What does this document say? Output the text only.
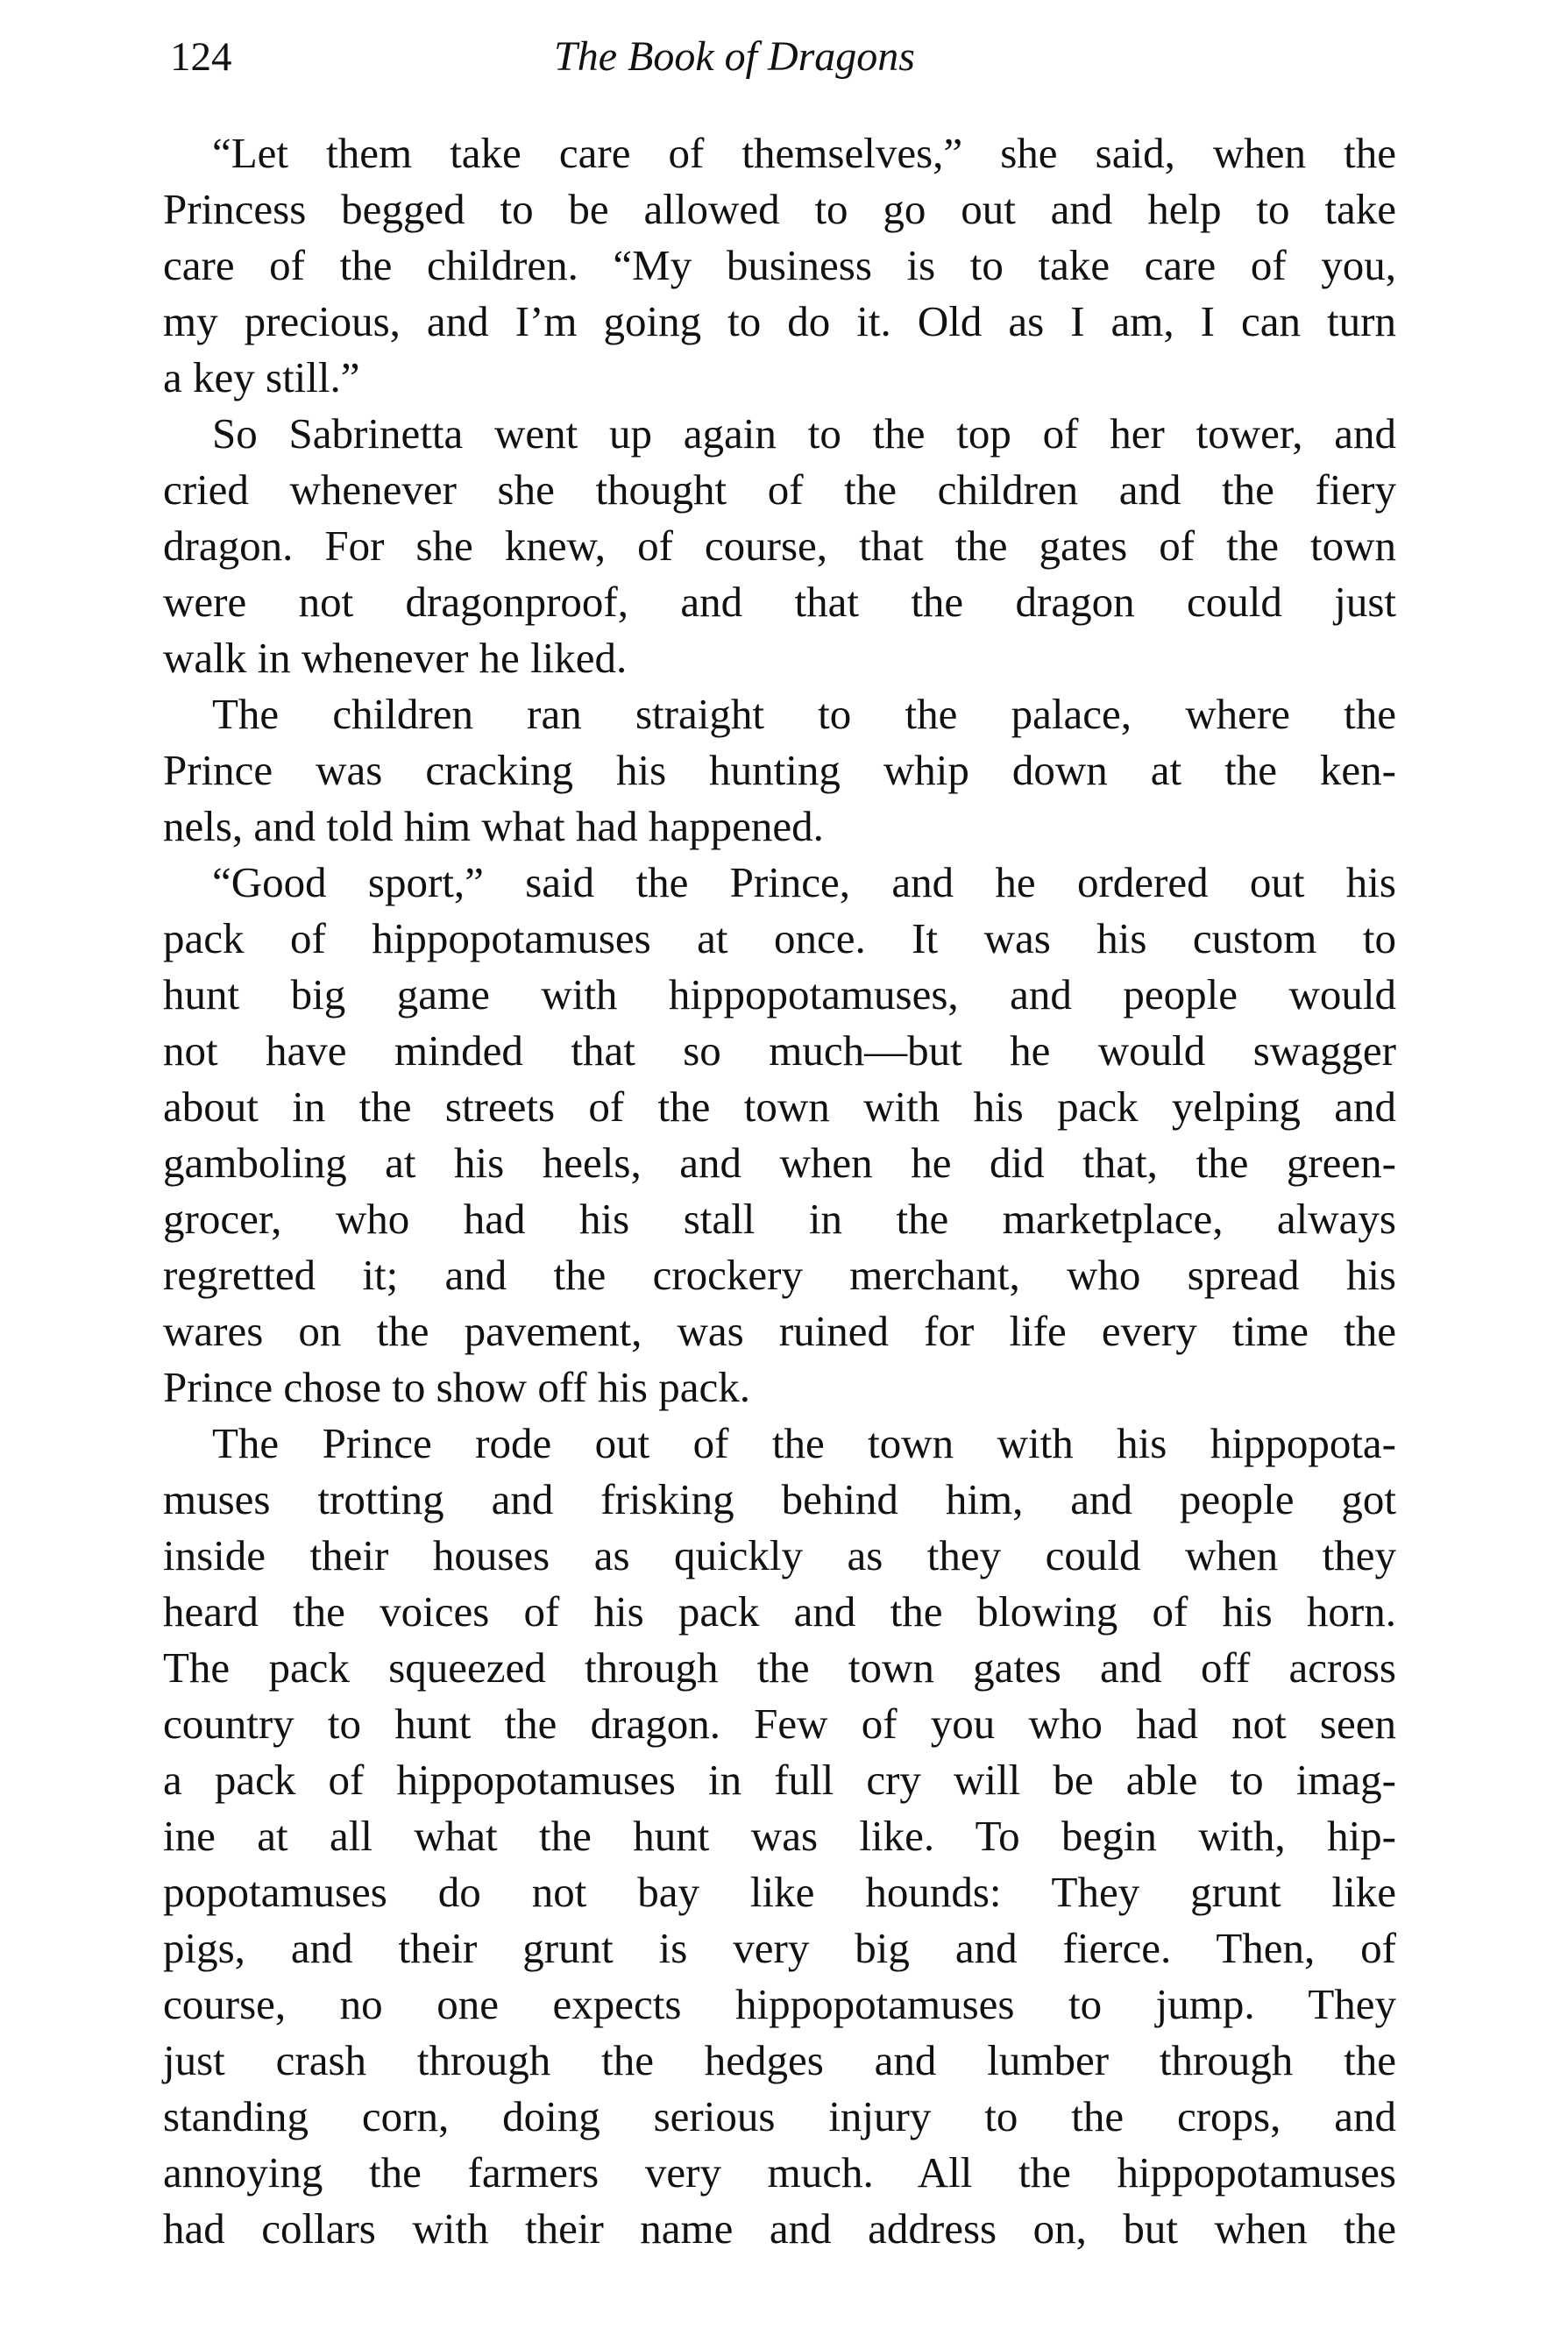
124	The Book of Dragons
“Let them take care of themselves,” she said, when the
Princess begged to be allowed to go out and help to take
care of the children. “My business is to take care of you,
my precious, and I’m going to do it. Old as I am, I can turn
a key still.”
So Sabrinetta went up again to the top of her tower, and
cried whenever she thought of the children and the fiery
dragon. For she knew, of course, that the gates of the town
were not dragonproof, and that the dragon could just
walk in whenever he liked.
The children ran straight to the palace, where the
Prince was cracking his hunting whip down at the ken-
nels, and told him what had happened.
“Good sport,” said the Prince, and he ordered out his
pack of hippopotamuses at once. It was his custom to
hunt big game with hippopotamuses, and people would
not have minded that so much—but he would swagger
about in the streets of the town with his pack yelping and
gamboling at his heels, and when he did that, the green-
grocer, who had his stall in the marketplace, always
regretted it; and the crockery merchant, who spread his
wares on the pavement, was ruined for life every time the
Prince chose to show off his pack.
The Prince rode out of the town with his hippopota-
muses trotting and frisking behind him, and people got
inside their houses as quickly as they could when they
heard the voices of his pack and the blowing of his horn.
The pack squeezed through the town gates and off across
country to hunt the dragon. Few of you who had not seen
a pack of hippopotamuses in full cry will be able to imag-
ine at all what the hunt was like. To begin with, hip-
popotamuses do not bay like hounds: They grunt like
pigs, and their grunt is very big and fierce. Then, of
course, no one expects hippopotamuses to jump. They
just crash through the hedges and lumber through the
standing corn, doing serious injury to the crops, and
annoying the farmers very much. All the hippopotamuses
had collars with their name and address on, but when the
